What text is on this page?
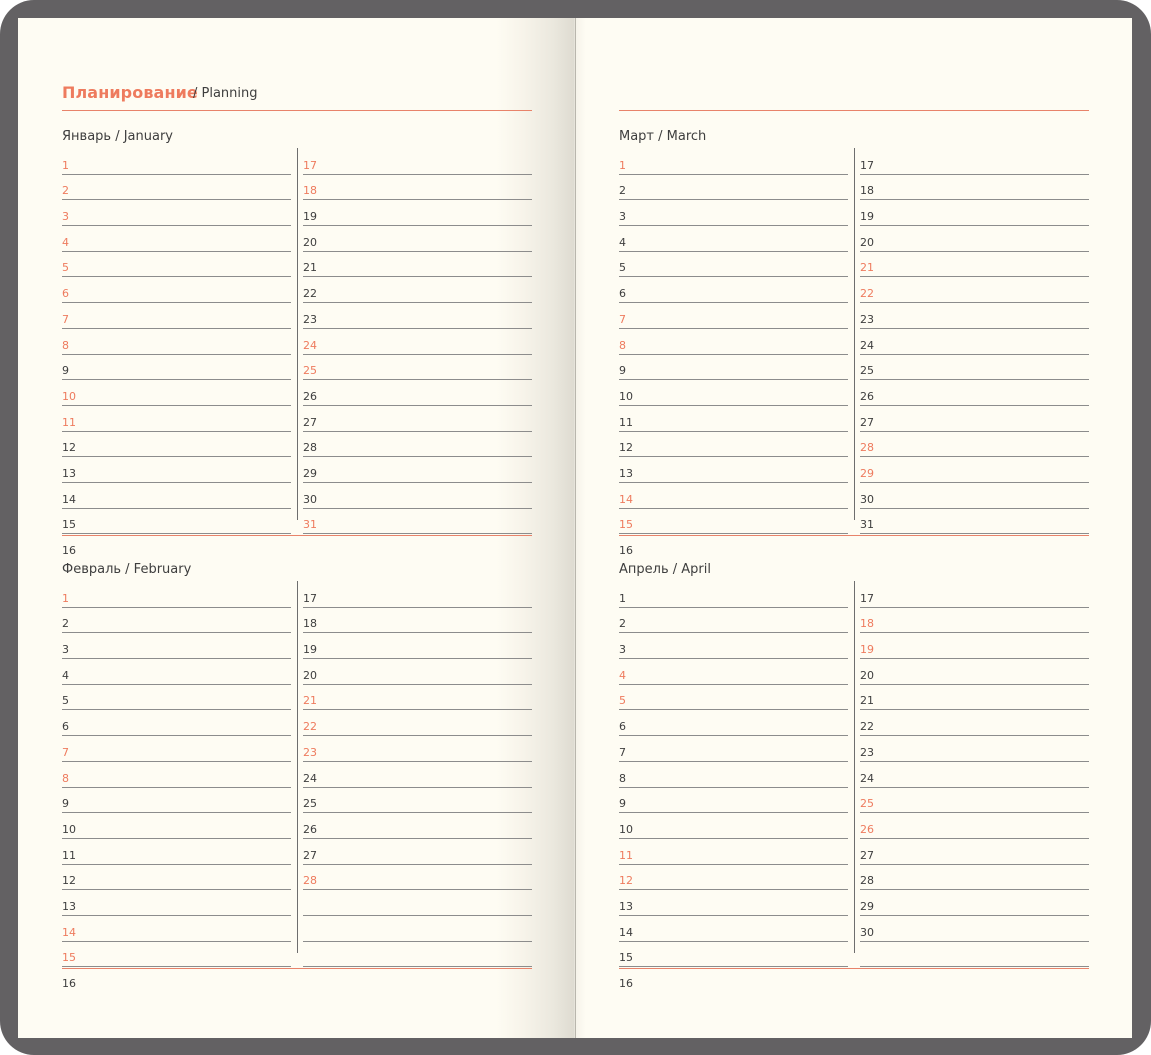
Планирование
/ Planning
Январь / January
1
2
3
4
5
6
7
8
9
10
11
12
13
14
15
16
17
18
19
20
21
22
23
24
25
26
27
28
29
30
31
Февраль / February
1
2
3
4
5
6
7
8
9
10
11
12
13
14
15
16
17
18
19
20
21
22
23
24
25
26
27
28
Март / March
1
2
3
4
5
6
7
8
9
10
11
12
13
14
15
16
17
18
19
20
21
22
23
24
25
26
27
28
29
30
31
Апрель / April
1
2
3
4
5
6
7
8
9
10
11
12
13
14
15
16
17
18
19
20
21
22
23
24
25
26
27
28
29
30
